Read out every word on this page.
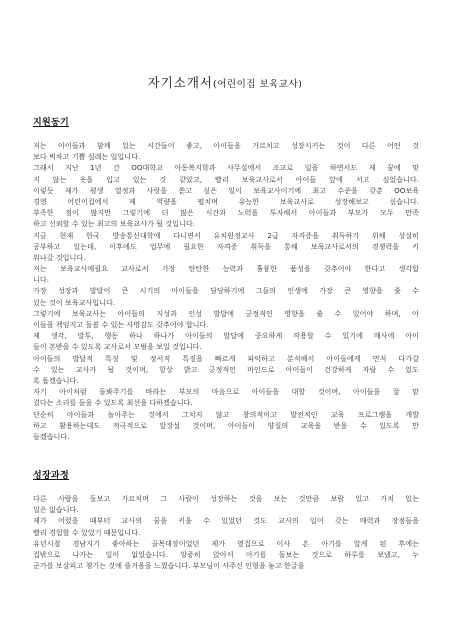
자기소개서(어린이집 보육교사)
지원동기
저는 아이들과 함께 있는 시간들이 좋고, 아이들을 가르치고 성장시키는 것이 다른 어떤 것
보다 벅차고 기쁨 설레는 일입니다.
그래서 지난 1년 간 OO대학교 아동복지학과 사무실에서 조교로 일을 하면서도 제 꿈에 맞
지 않는 옷을 입고 있는 것 같았고, 빨리 보육교사로서 아이들 앞에 서고 싶었습니다.
이렇듯 제가 평생 열정과 사랑을 쏟고 싶은 일이 보육교사이기에 최고 수준을 갖춘 OO보육
경영 어린이집에서 제 역량을 펼치며 유능한 보육교사로 성장해보고 싶습니다.
부족한 점이 많지만 그렇기에 더 많은 시간과 노력을 투자해서 아이들과 부모가 모두 만족
하고 신뢰할 수 있는 최고의 보육교사가 될 것입니다.
지금 현재 한국 방송통신대학에 다니면서 유치원정교사 2급 자격증을 취득하기 위해 성실히
공부하고 있는데, 이후에도 업무에 필요한 자격증 취득을 통해 보육교사로서의 경쟁력을 키
워나갈 것입니다.
저는 보육교사에필요 교사로서 가장 탄탄한 능력과 훌륭한 품성을 갖추어야 한다고 생각합
니다.
가장 성장과 발달이 큰 시기의 아이들을 담당하기에 그들의 인생에 가장 큰 영향을 줄 수
있는 것이 보육교사입니다.
그렇기에 보육교사는 아이들의 지성과 인성 발달에 긍정적인 영향을 줄 수 있어야 하며, 아
이들을 책임지고 돌볼 수 있는 사명감도 갖추어야 합니다.
제 생각, 말투, 행동 하나 하나가 아이들의 발달에 중요하게 작용할 수 있기에 매사에 아이
들이 본받을 수 있도록 교사로서 모범을 보일 것입니다.
아이들의 발달적 특징 및 정서적 특징을 빠르게 파악하고 분석해서 아이들에게 먼저 다가갈
수 있는 교사가 될 것이며, 항상 밝고 긍정적인 마인드로 아이들이 건강하게 자랄 수 있도
록 돕겠습니다.
자기 아이처럼 돌봐주기를 바라는 부모의 마음으로 아이들을 대할 것이며, 아이들을 잘 맡
겼다는 소리를 들을 수 있도록 최선을 다하겠습니다.
단순히 아이들과 놀아주는 것에서 그치지 않고 창의적이고 발전적인 교육 프로그램을 개발
하고 활용하는데도 적극적으로 앞장설 것이며, 아이들이 양질의 교육을 받을 수 있도록 만
들겠습니다.
성장과정
다른 사람을 돌보고 가르치며 그 사람이 성장하는 것을 보는 것만큼 보람 있고 가치 있는
일은 없습니다.
제가 어렸을 때부터 교사의 꿈을 키울 수 있었던 것도 교사의 일이 갖는 매력과 장점들을
빨리 경험할 수 있었기 때문입니다.
유년시절 경남지기 좋아하는 골목대장이었던 제가 옆집으로 이사 온 아기를 알게 된 후에는
집밖으로 나가는 일이 없었습니다. 앙증히 앉아서 아기를 돌보는 것으로 하루를 보냈고, 누
군가를 보살피고 챙기는 것에 즐거움을 느꼈습니다. 부모님이 사주신 인형을 놓고 한글을
